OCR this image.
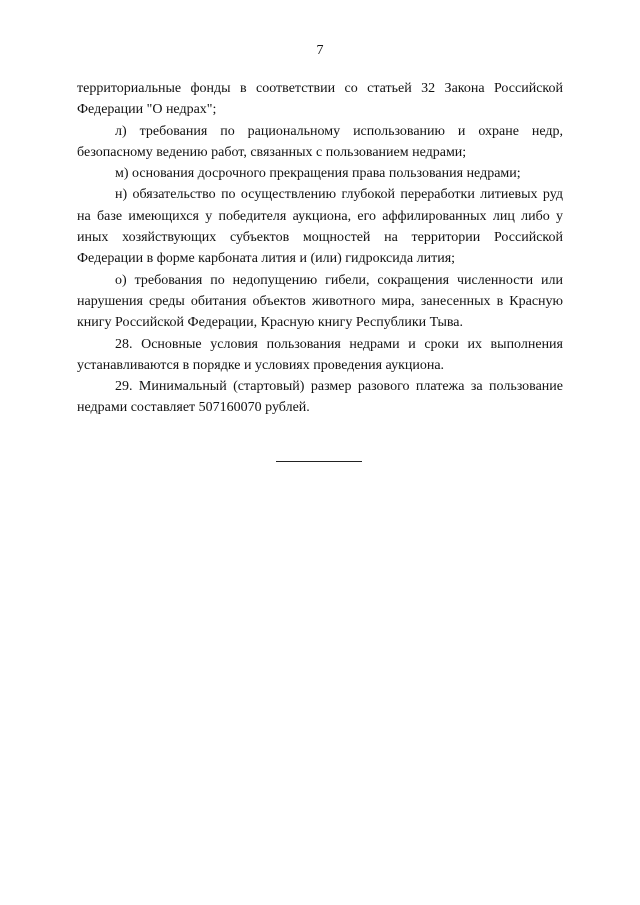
7

территориальные фонды в соответствии со статьей 32 Закона Российской Федерации "О недрах";

л) требования по рациональному использованию и охране недр, безопасному ведению работ, связанных с пользованием недрами;

м) основания досрочного прекращения права пользования недрами;

н) обязательство по осуществлению глубокой переработки литиевых руд на базе имеющихся у победителя аукциона, его аффилированных лиц либо у иных хозяйствующих субъектов мощностей на территории Российской Федерации в форме карбоната лития и (или) гидроксида лития;

о) требования по недопущению гибели, сокращения численности или нарушения среды обитания объектов животного мира, занесенных в Красную книгу Российской Федерации, Красную книгу Республики Тыва.

28. Основные условия пользования недрами и сроки их выполнения устанавливаются в порядке и условиях проведения аукциона.

29. Минимальный (стартовый) размер разового платежа за пользование недрами составляет 507160070 рублей.
